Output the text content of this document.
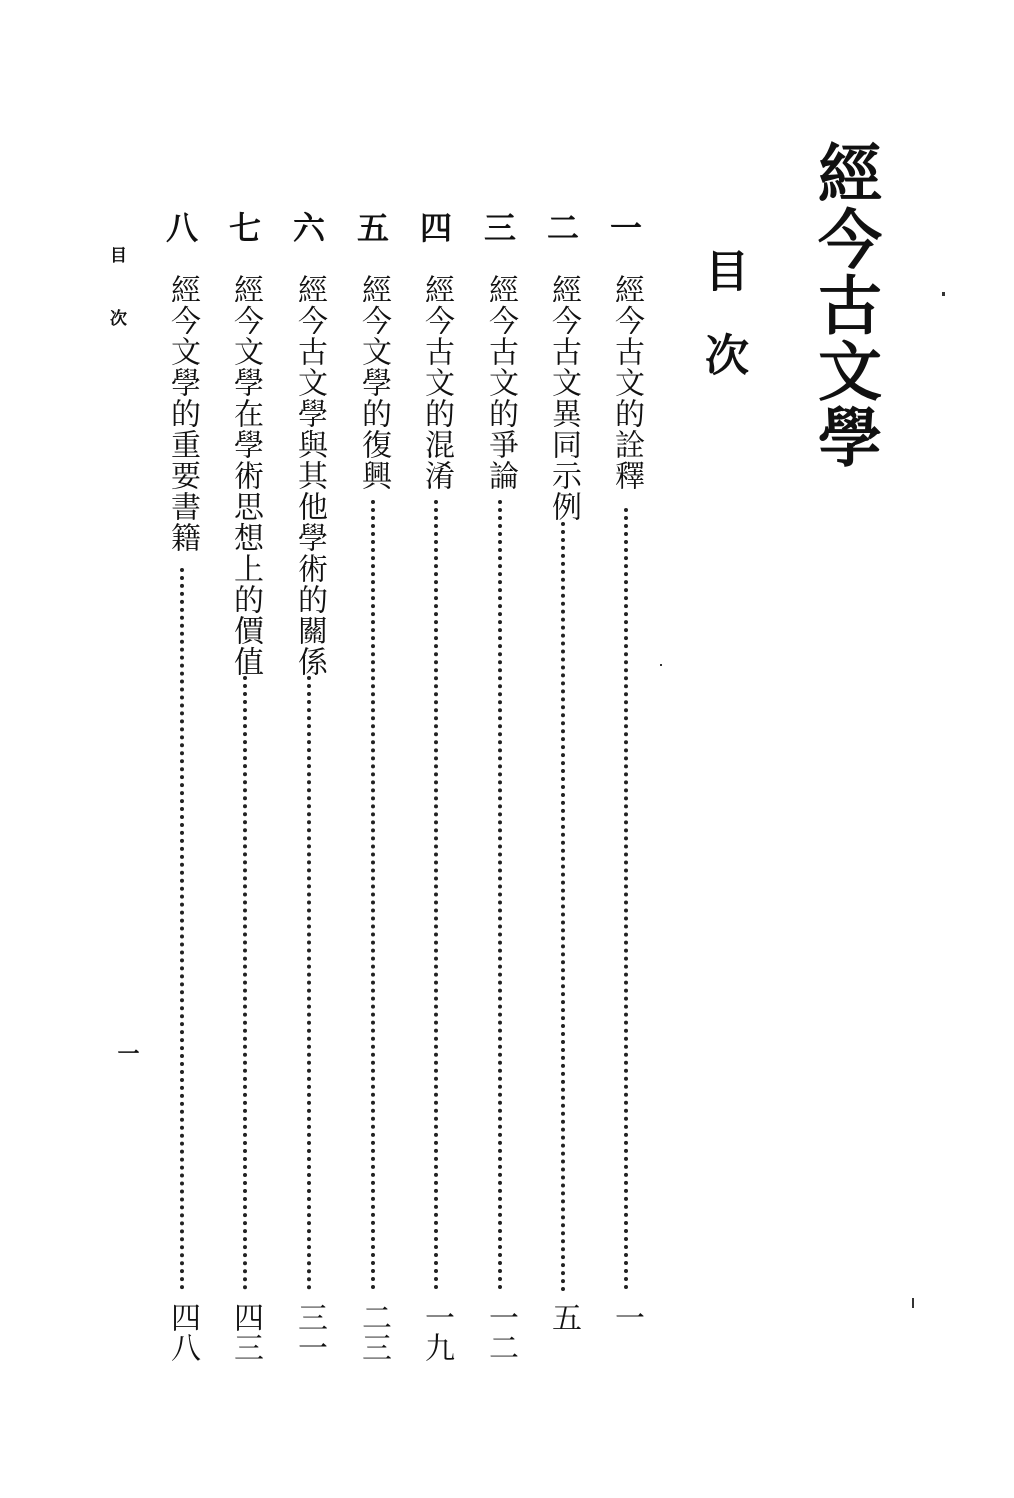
經今古文學
目次
一
經今古文的詮釋
一
二
經今古文異同示例
五
三
經今古文的爭論
一二
四
經今古文的混淆
一九
五
經今文學的復興
二三
六
經今古文學與其他學術的關係
三一
七
經今文學在學術思想上的價值
四三
八
經今文學的重要書籍
四八
目次
一
